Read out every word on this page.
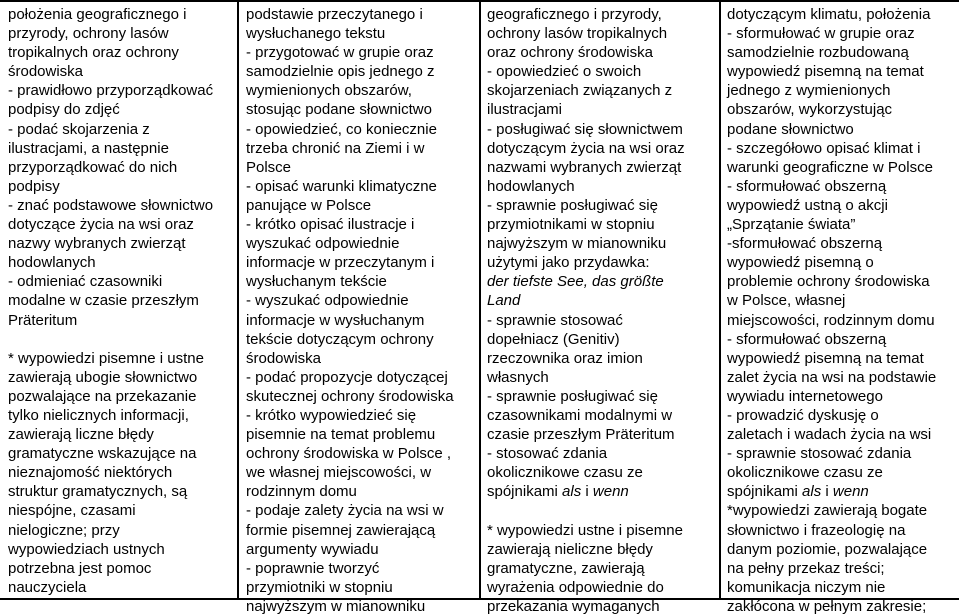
położenia geograficznego i
przyrody, ochrony lasów
tropikalnych oraz ochrony
środowiska
- prawidłowo przyporządkować
podpisy do zdjęć
- podać skojarzenia z
ilustracjami, a następnie
przyporządkować do nich
podpisy
- znać podstawowe słownictwo
dotyczące życia na wsi oraz
nazwy wybranych zwierząt
hodowlanych
- odmieniać czasowniki
modalne w czasie przeszłym
Präteritum
* wypowiedzi pisemne i ustne
zawierają ubogie słownictwo
pozwalające na przekazanie
tylko nielicznych informacji,
zawierają liczne błędy
gramatyczne wskazujące na
nieznajomość niektórych
struktur gramatycznych, są
niespójne, czasami
nielogiczne; przy
wypowiedziach ustnych
potrzebna jest pomoc
nauczyciela
podstawie przeczytanego i
wysłuchanego tekstu
- przygotować w grupie oraz
samodzielnie opis jednego z
wymienionych obszarów,
stosując podane słownictwo
- opowiedzieć, co koniecznie
trzeba chronić na Ziemi i w
Polsce
- opisać warunki klimatyczne
panujące w Polsce
- krótko opisać ilustracje i
wyszukać odpowiednie
informacje w przeczytanym i
wysłuchanym tekście
- wyszukać odpowiednie
informacje w wysłuchanym
tekście dotyczącym ochrony
środowiska
- podać propozycje dotyczącej
skutecznej ochrony środowiska
- krótko wypowiedzieć się
pisemnie na temat problemu
ochrony środowiska w Polsce ,
we własnej miejscowości, w
rodzinnym domu
- podaje zalety życia na wsi w
formie pisemnej zawierającą
argumenty wywiadu
- poprawnie tworzyć
przymiotniki w stopniu
najwyższym w mianowniku
geograficznego i przyrody,
ochrony lasów tropikalnych
oraz ochrony środowiska
- opowiedzieć o swoich
skojarzeniach związanych z
ilustracjami
- posługiwać się słownictwem
dotyczącym życia na wsi oraz
nazwami wybranych zwierząt
hodowlanych
- sprawnie posługiwać się
przymiotnikami w stopniu
najwyższym w mianowniku
użytymi jako przydawka:
der tiefste See, das größte
Land
- sprawnie stosować
dopełniacz (Genitiv)
rzeczownika oraz imion
własnych
- sprawnie posługiwać się
czasownikami modalnymi w
czasie przeszłym Präteritum
- stosować zdania
okolicznikowe czasu ze
spójnikami als i wenn
* wypowiedzi ustne i pisemne
zawierają nieliczne błędy
gramatyczne, zawierają
wyrażenia odpowiednie do
przekazania wymaganych
dotyczącym klimatu, położenia
- sformułować w grupie oraz
samodzielnie rozbudowaną
wypowiedź pisemną na temat
jednego z wymienionych
obszarów, wykorzystując
podane słownictwo
- szczegółowo opisać klimat i
warunki geograficzne w Polsce
- sformułować obszerną
wypowiedź ustną o akcji
„Sprzątanie świata”
-sformułować obszerną
wypowiedź pisemną o
problemie ochrony środowiska
w Polsce, własnej
miejscowości, rodzinnym domu
- sformułować obszerną
wypowiedź pisemną na temat
zalet życia na wsi na podstawie
wywiadu internetowego
- prowadzić dyskusję o
zaletach i wadach życia na wsi
- sprawnie stosować zdania
okolicznikowe czasu ze
spójnikami als i wenn
*wypowiedzi zawierają bogate
słownictwo i frazeologię na
danym poziomie, pozwalające
na pełny przekaz treści;
komunikacja niczym nie
zakłócona w pełnym zakresie;
